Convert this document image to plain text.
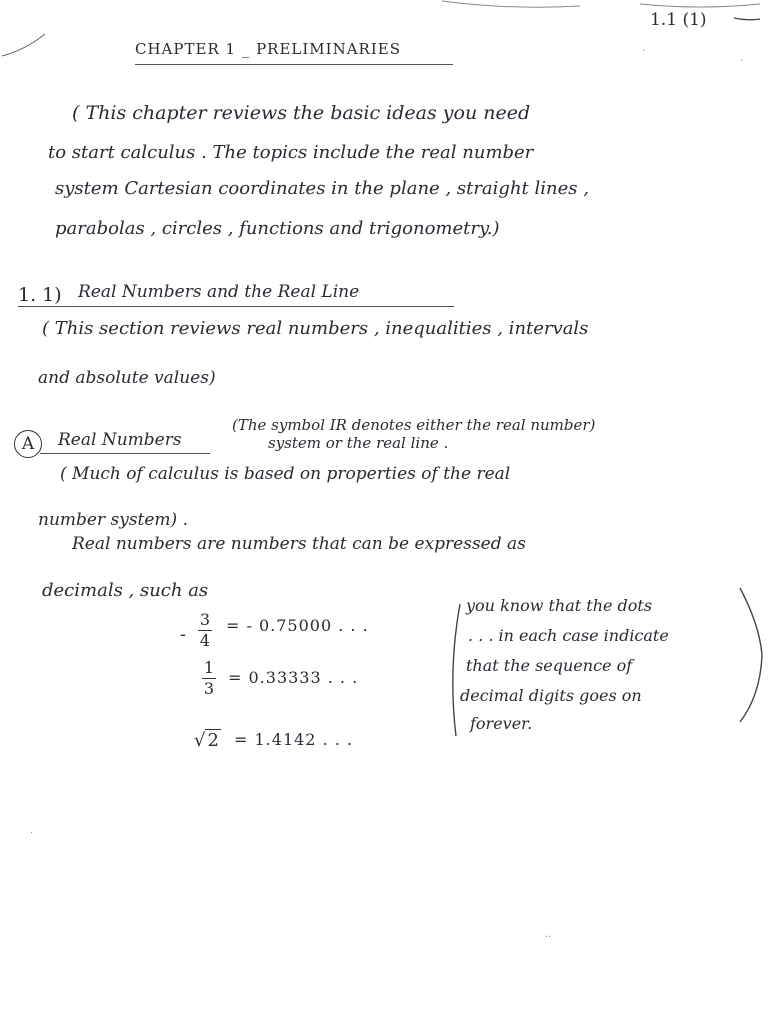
1.1 (1)
CHAPTER 1 _ PRELIMINARIES
( This chapter reviews the basic ideas you need
to start calculus . The topics include the real number
system Cartesian coordinates in the plane , straight lines ,
parabolas , circles , functions and trigonometry.)
1. 1) Real Numbers and the Real Line
( This section reviews real numbers , inequalities , intervals
and absolute values)
A	Real Numbers
(The symbol IR denotes either the real number)
system or the real line .
( Much of calculus is based on properties of the real
number system) .
Real numbers are numbers that can be expressed as
decimals , such as
-
3
4
= - 0.75000 . . .
1
3
= 0.33333 . . .
√ 2 = 1.4142 . . .
you know that the dots
. . . in each case indicate
that the sequence of
decimal digits goes on
forever.
·
·
·
··
